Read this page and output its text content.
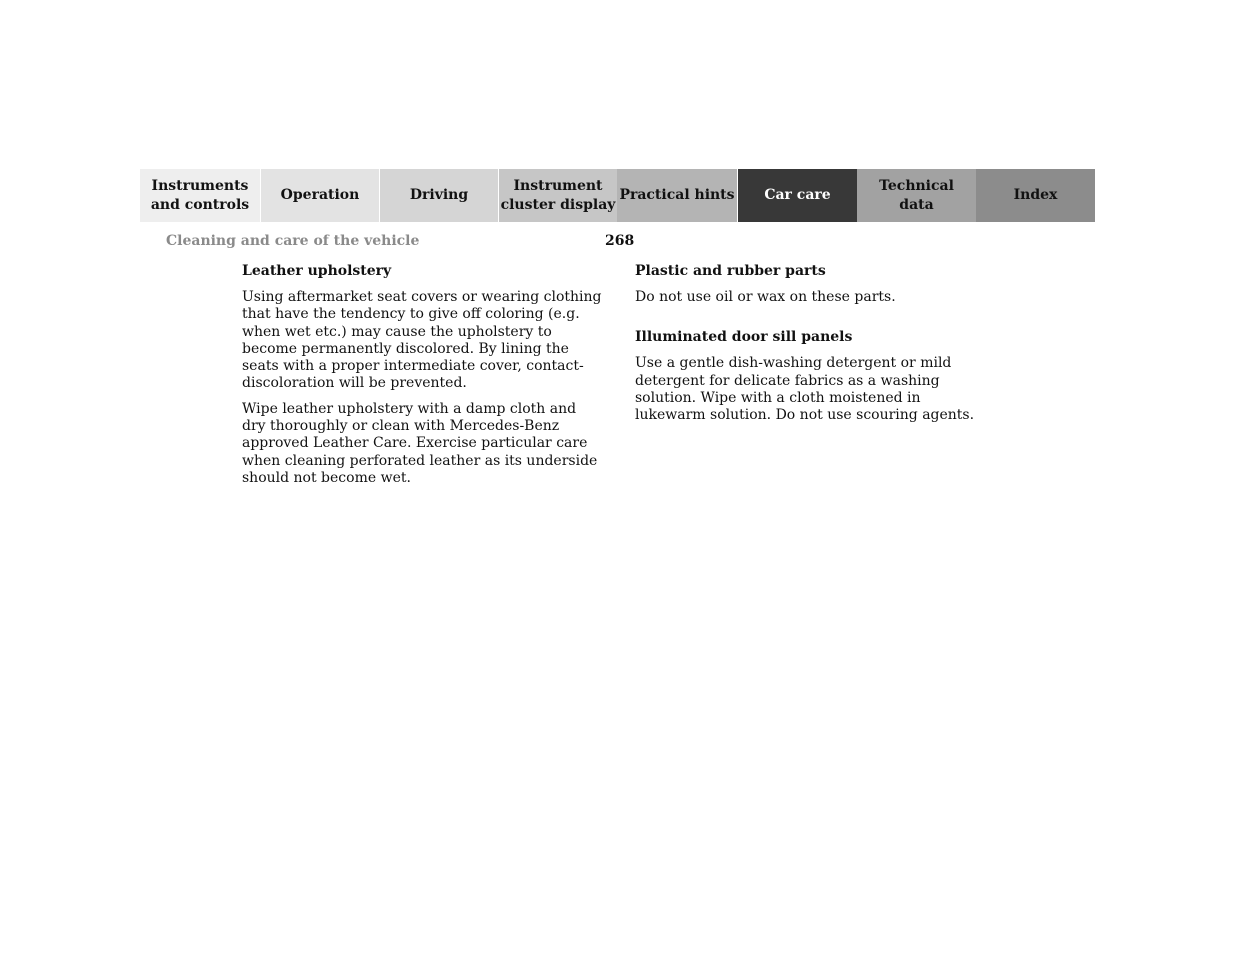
Instruments
and controls
Operation	Driving
Instrument
cluster display
Practical hints Car care
Technical
data
Index
Cleaning and care of the vehicle	268
Leather upholstery

Using aftermarket seat covers or wearing clothing that have the tendency to give off coloring (e.g. when wet etc.) may cause the upholstery to become permanently discolored. By lining the seats with a proper intermediate cover, contact-discoloration will be prevented.

Wipe leather upholstery with a damp cloth and dry thoroughly or clean with Mercedes-Benz approved Leather Care. Exercise particular care when cleaning perforated leather as its underside should not become wet.

Plastic and rubber parts

Do not use oil or wax on these parts.

Illuminated door sill panels

Use a gentle dish-washing detergent or mild detergent for delicate fabrics as a washing solution. Wipe with a cloth moistened in lukewarm solution. Do not use scouring agents.
